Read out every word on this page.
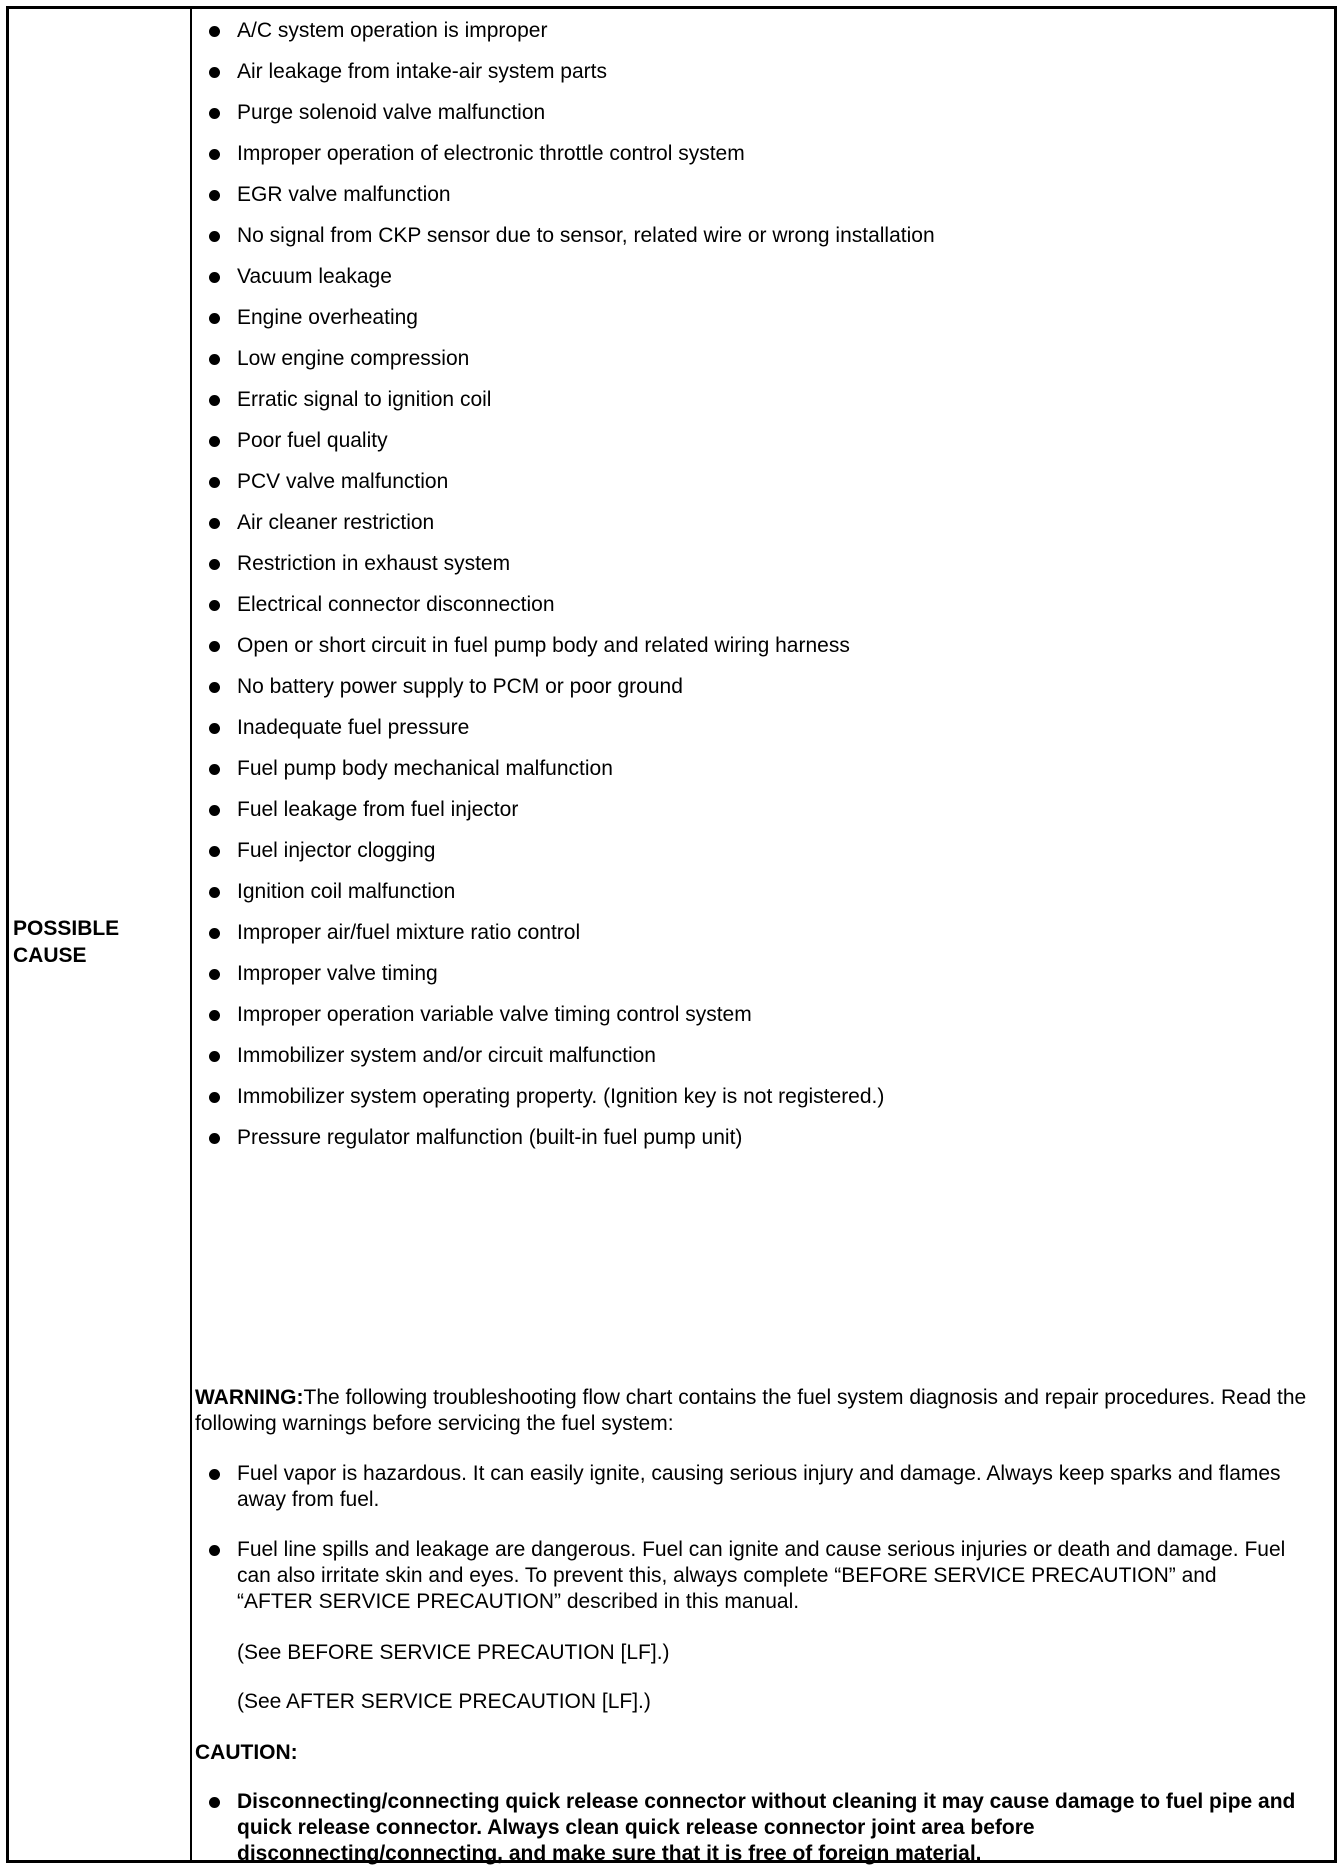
POSSIBLE
CAUSE
A/C system operation is improper
Air leakage from intake-air system parts
Purge solenoid valve malfunction
Improper operation of electronic throttle control system
EGR valve malfunction
No signal from CKP sensor due to sensor, related wire or wrong installation
Vacuum leakage
Engine overheating
Low engine compression
Erratic signal to ignition coil
Poor fuel quality
PCV valve malfunction
Air cleaner restriction
Restriction in exhaust system
Electrical connector disconnection
Open or short circuit in fuel pump body and related wiring harness
No battery power supply to PCM or poor ground
Inadequate fuel pressure
Fuel pump body mechanical malfunction
Fuel leakage from fuel injector
Fuel injector clogging
Ignition coil malfunction
Improper air/fuel mixture ratio control
Improper valve timing
Improper operation variable valve timing control system
Immobilizer system and/or circuit malfunction
Immobilizer system operating property. (Ignition key is not registered.)
Pressure regulator malfunction (built-in fuel pump unit)
WARNING:The following troubleshooting flow chart contains the fuel system diagnosis and repair procedures. Read the following warnings before servicing the fuel system:
Fuel vapor is hazardous. It can easily ignite, causing serious injury and damage. Always keep sparks and flames away from fuel.
Fuel line spills and leakage are dangerous. Fuel can ignite and cause serious injuries or death and damage. Fuel can also irritate skin and eyes. To prevent this, always complete “BEFORE SERVICE PRECAUTION” and “AFTER SERVICE PRECAUTION” described in this manual.
(See BEFORE SERVICE PRECAUTION [LF].)
(See AFTER SERVICE PRECAUTION [LF].)
CAUTION:
Disconnecting/connecting quick release connector without cleaning it may cause damage to fuel pipe and quick release connector. Always clean quick release connector joint area before disconnecting/connecting, and make sure that it is free of foreign material.
